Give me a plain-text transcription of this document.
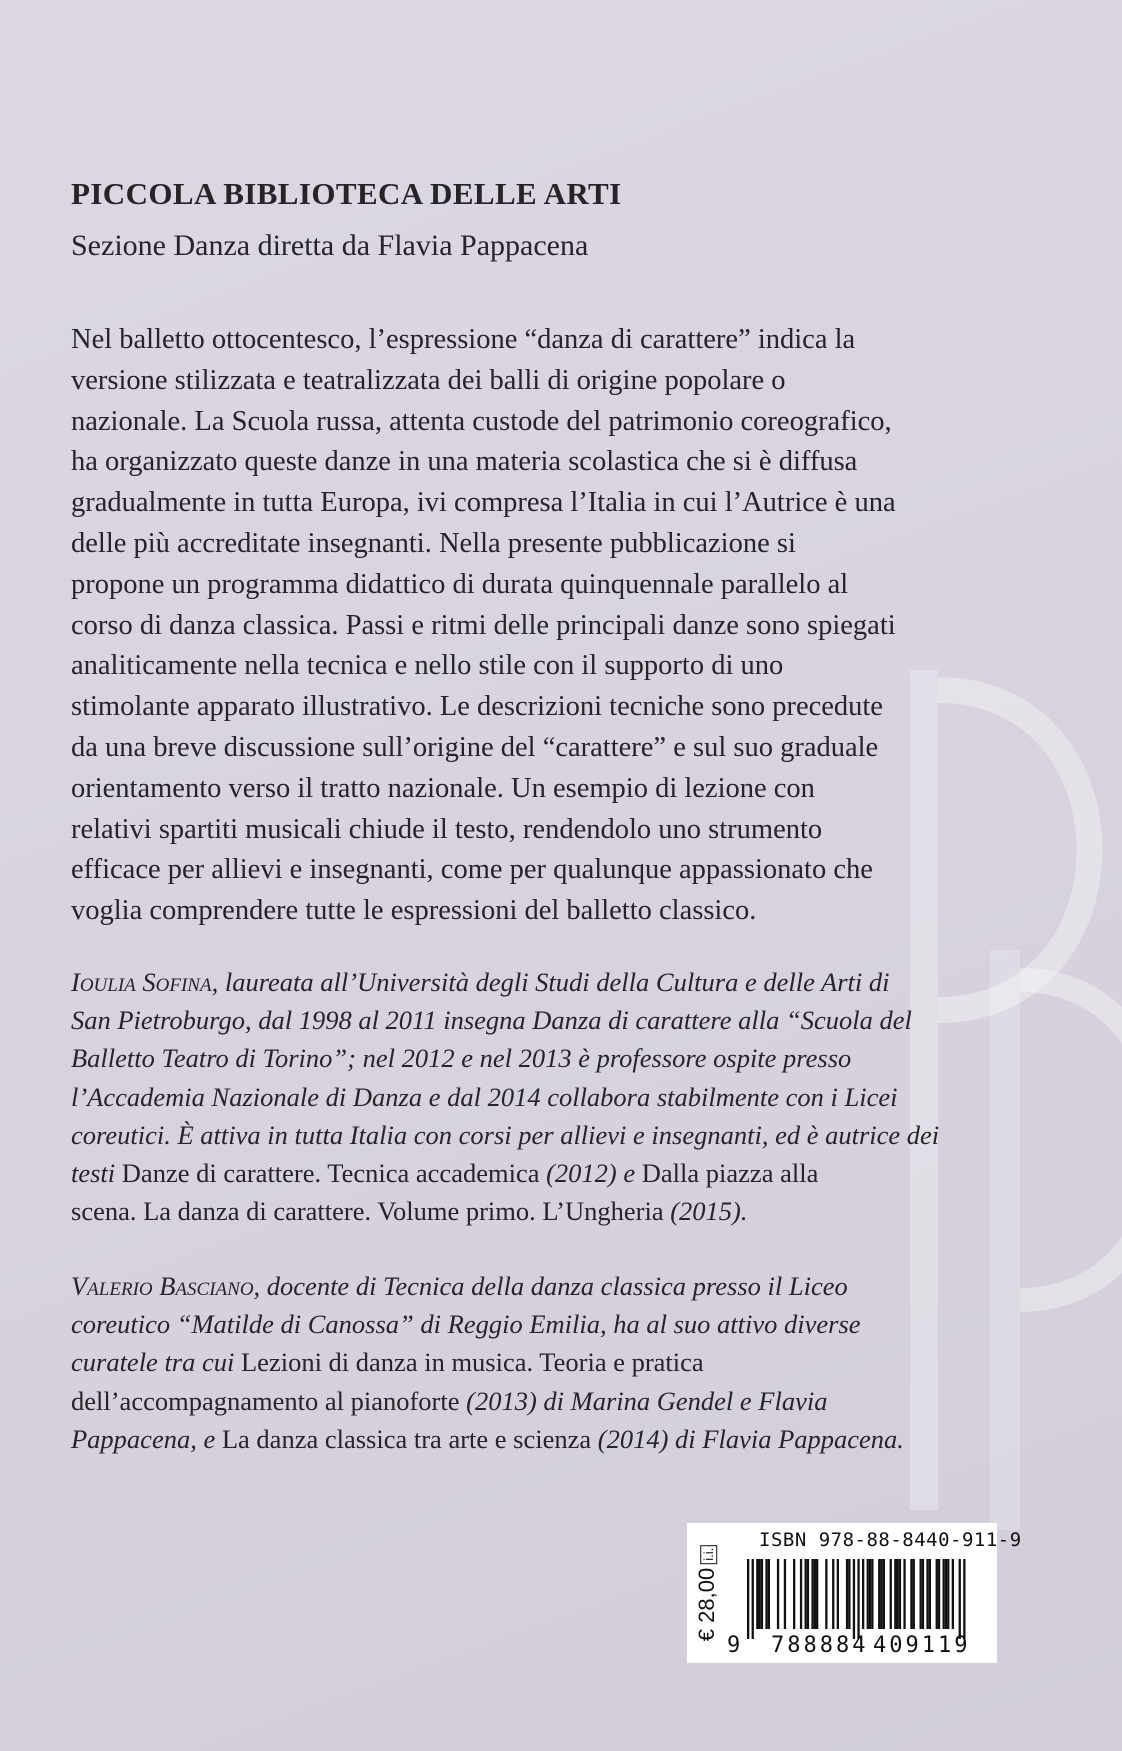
PICCOLA BIBLIOTECA DELLE ARTI
Sezione Danza diretta da Flavia Pappacena
Nel balletto ottocentesco, l’espressione “danza di carattere” indica la
versione stilizzata e teatralizzata dei balli di origine popolare o
nazionale. La Scuola russa, attenta custode del patrimonio coreografico,
ha organizzato queste danze in una materia scolastica che si è diffusa
gradualmente in tutta Europa, ivi compresa l’Italia in cui l’Autrice è una
delle più accreditate insegnanti. Nella presente pubblicazione si
propone un programma didattico di durata quinquennale parallelo al
corso di danza classica. Passi e ritmi delle principali danze sono spiegati
analiticamente nella tecnica e nello stile con il supporto di uno
stimolante apparato illustrativo. Le descrizioni tecniche sono precedute
da una breve discussione sull’origine del “carattere” e sul suo graduale
orientamento verso il tratto nazionale. Un esempio di lezione con
relativi spartiti musicali chiude il testo, rendendolo uno strumento
efficace per allievi e insegnanti, come per qualunque appassionato che
voglia comprendere tutte le espressioni del balletto classico.
Ioulia Sofina, laureata all’Università degli Studi della Cultura e delle Arti di
San Pietroburgo, dal 1998 al 2011 insegna Danza di carattere alla “Scuola del
Balletto Teatro di Torino”; nel 2012 e nel 2013 è professore ospite presso
l’Accademia Nazionale di Danza e dal 2014 collabora stabilmente con i Licei
coreutici. È attiva in tutta Italia con corsi per allievi e insegnanti, ed è autrice dei
testi Danze di carattere. Tecnica accademica (2012) e Dalla piazza alla
scena. La danza di carattere. Volume primo. L’Ungheria (2015).
Valerio Basciano, docente di Tecnica della danza classica presso il Liceo
coreutico “Matilde di Canossa” di Reggio Emilia, ha al suo attivo diverse
curatele tra cui Lezioni di danza in musica. Teoria e pratica
dell’accompagnamento al pianoforte (2013) di Marina Gendel e Flavia
Pappacena, e La danza classica tra arte e scienza (2014) di Flavia Pappacena.
€ 28,00i.i.
ISBN 978-88-8440-911-9
9 788884 409119
